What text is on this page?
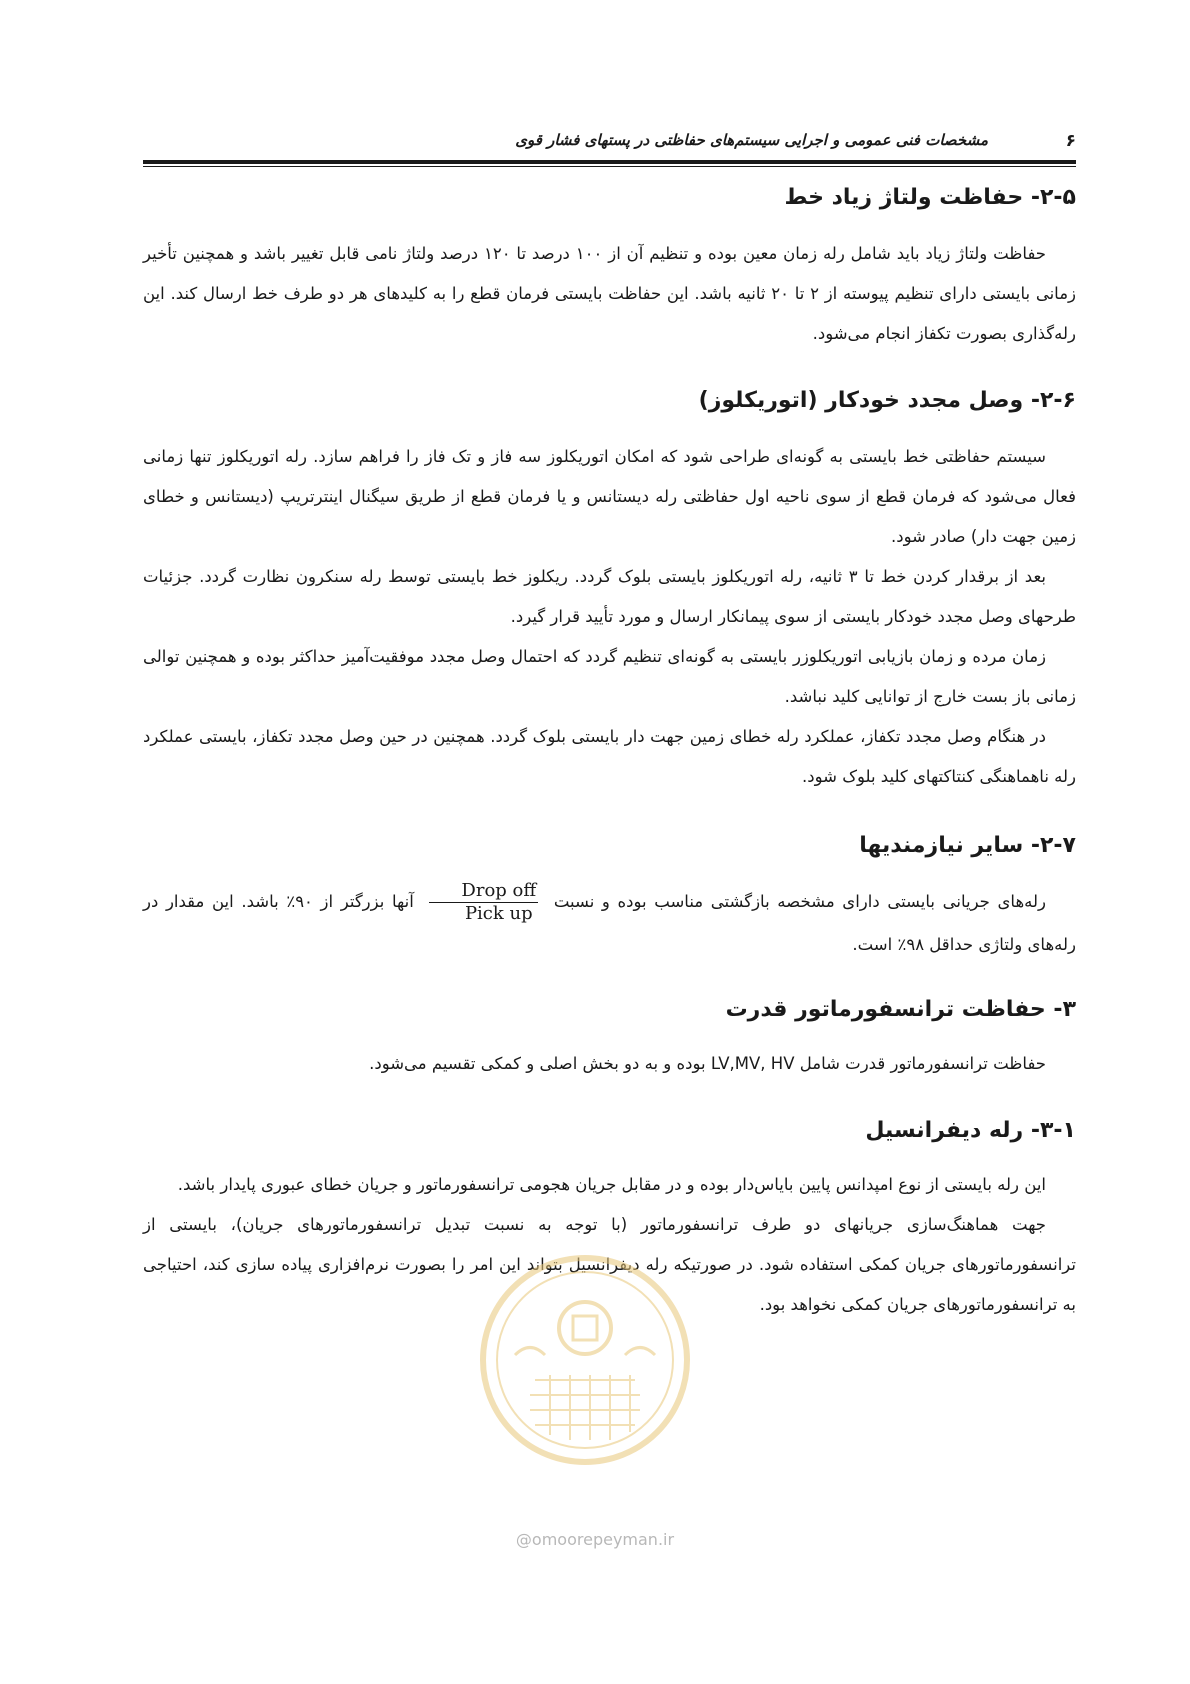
۶
مشخصات فنی عمومی و اجرایی سیستم‌های حفاظتی در پستهای فشار قوی
۲-۵- حفاظت ولتاژ زیاد خط

حفاظت ولتاژ زیاد باید شامل رله زمان معین بوده و تنظیم آن از ۱۰۰ درصد تا ۱۲۰ درصد ولتاژ نامی قابل تغییر باشد و همچنین تأخیر زمانی بایستی دارای تنظیم پیوسته از ۲ تا ۲۰ ثانیه باشد. این حفاظت بایستی فرمان قطع را به کلیدهای هر دو طرف خط ارسال کند. این رله‌گذاری بصورت تکفاز انجام می‌شود.

۲-۶- وصل مجدد خودکار (اتوریکلوز)

سیستم حفاظتی خط بایستی به گونه‌ای طراحی شود که امکان اتوریکلوز سه فاز و تک فاز را فراهم سازد. رله اتوریکلوز تنها زمانی فعال می‌شود که فرمان قطع از سوی ناحیه اول حفاظتی رله دیستانس و یا فرمان قطع از طریق سیگنال اینترتریپ (دیستانس و خطای زمین جهت دار) صادر شود.

بعد از برقدار کردن خط تا ۳ ثانیه، رله اتوریکلوز بایستی بلوک گردد. ریکلوز خط بایستی توسط رله سنکرون نظارت گردد. جزئیات طرحهای وصل مجدد خودکار بایستی از سوی پیمانکار ارسال و مورد تأیید قرار گیرد.

زمان مرده و زمان بازیابی اتوریکلوزر بایستی به گونه‌ای تنظیم گردد که احتمال وصل مجدد موفقیت‌آمیز حداکثر بوده و همچنین توالی زمانی باز بست خارج از توانایی کلید نباشد.

در هنگام وصل مجدد تکفاز، عملکرد رله خطای زمین جهت دار بایستی بلوک گردد. همچنین در حین وصل مجدد تکفاز، بایستی عملکرد رله ناهماهنگی کنتاکتهای کلید بلوک شود.

۲-۷- سایر نیازمندیها

رله‌های جریانی بایستی دارای مشخصه بازگشتی مناسب بوده و نسبت
$\frac{\text{Drop off}}{\text{Pick up}}$
آنها بزرگتر از ۹۰٪ باشد. این مقدار در رله‌های ولتاژی حداقل ۹۸٪ است.

۳- حفاظت ترانسفورماتور قدرت

حفاظت ترانسفورماتور قدرت شامل LV,MV, HV بوده و به دو بخش اصلی و کمکی تقسیم می‌شود.

۳-۱- رله دیفرانسیل

این رله بایستی از نوع امپدانس پایین بایاس‌دار بوده و در مقابل جریان هجومی ترانسفورماتور و جریان خطای عبوری پایدار باشد.

جهت هماهنگ‌سازی جریانهای دو طرف ترانسفورماتور (با توجه به نسبت تبدیل ترانسفورماتورهای جریان)، بایستی از ترانسفورماتورهای جریان کمکی استفاده شود. در صورتیکه رله دیفرانسیل بتواند این امر را بصورت نرم‌افزاری پیاده سازی کند، احتیاجی به ترانسفورماتورهای جریان کمکی نخواهد بود.

@omoorepeyman.ir
